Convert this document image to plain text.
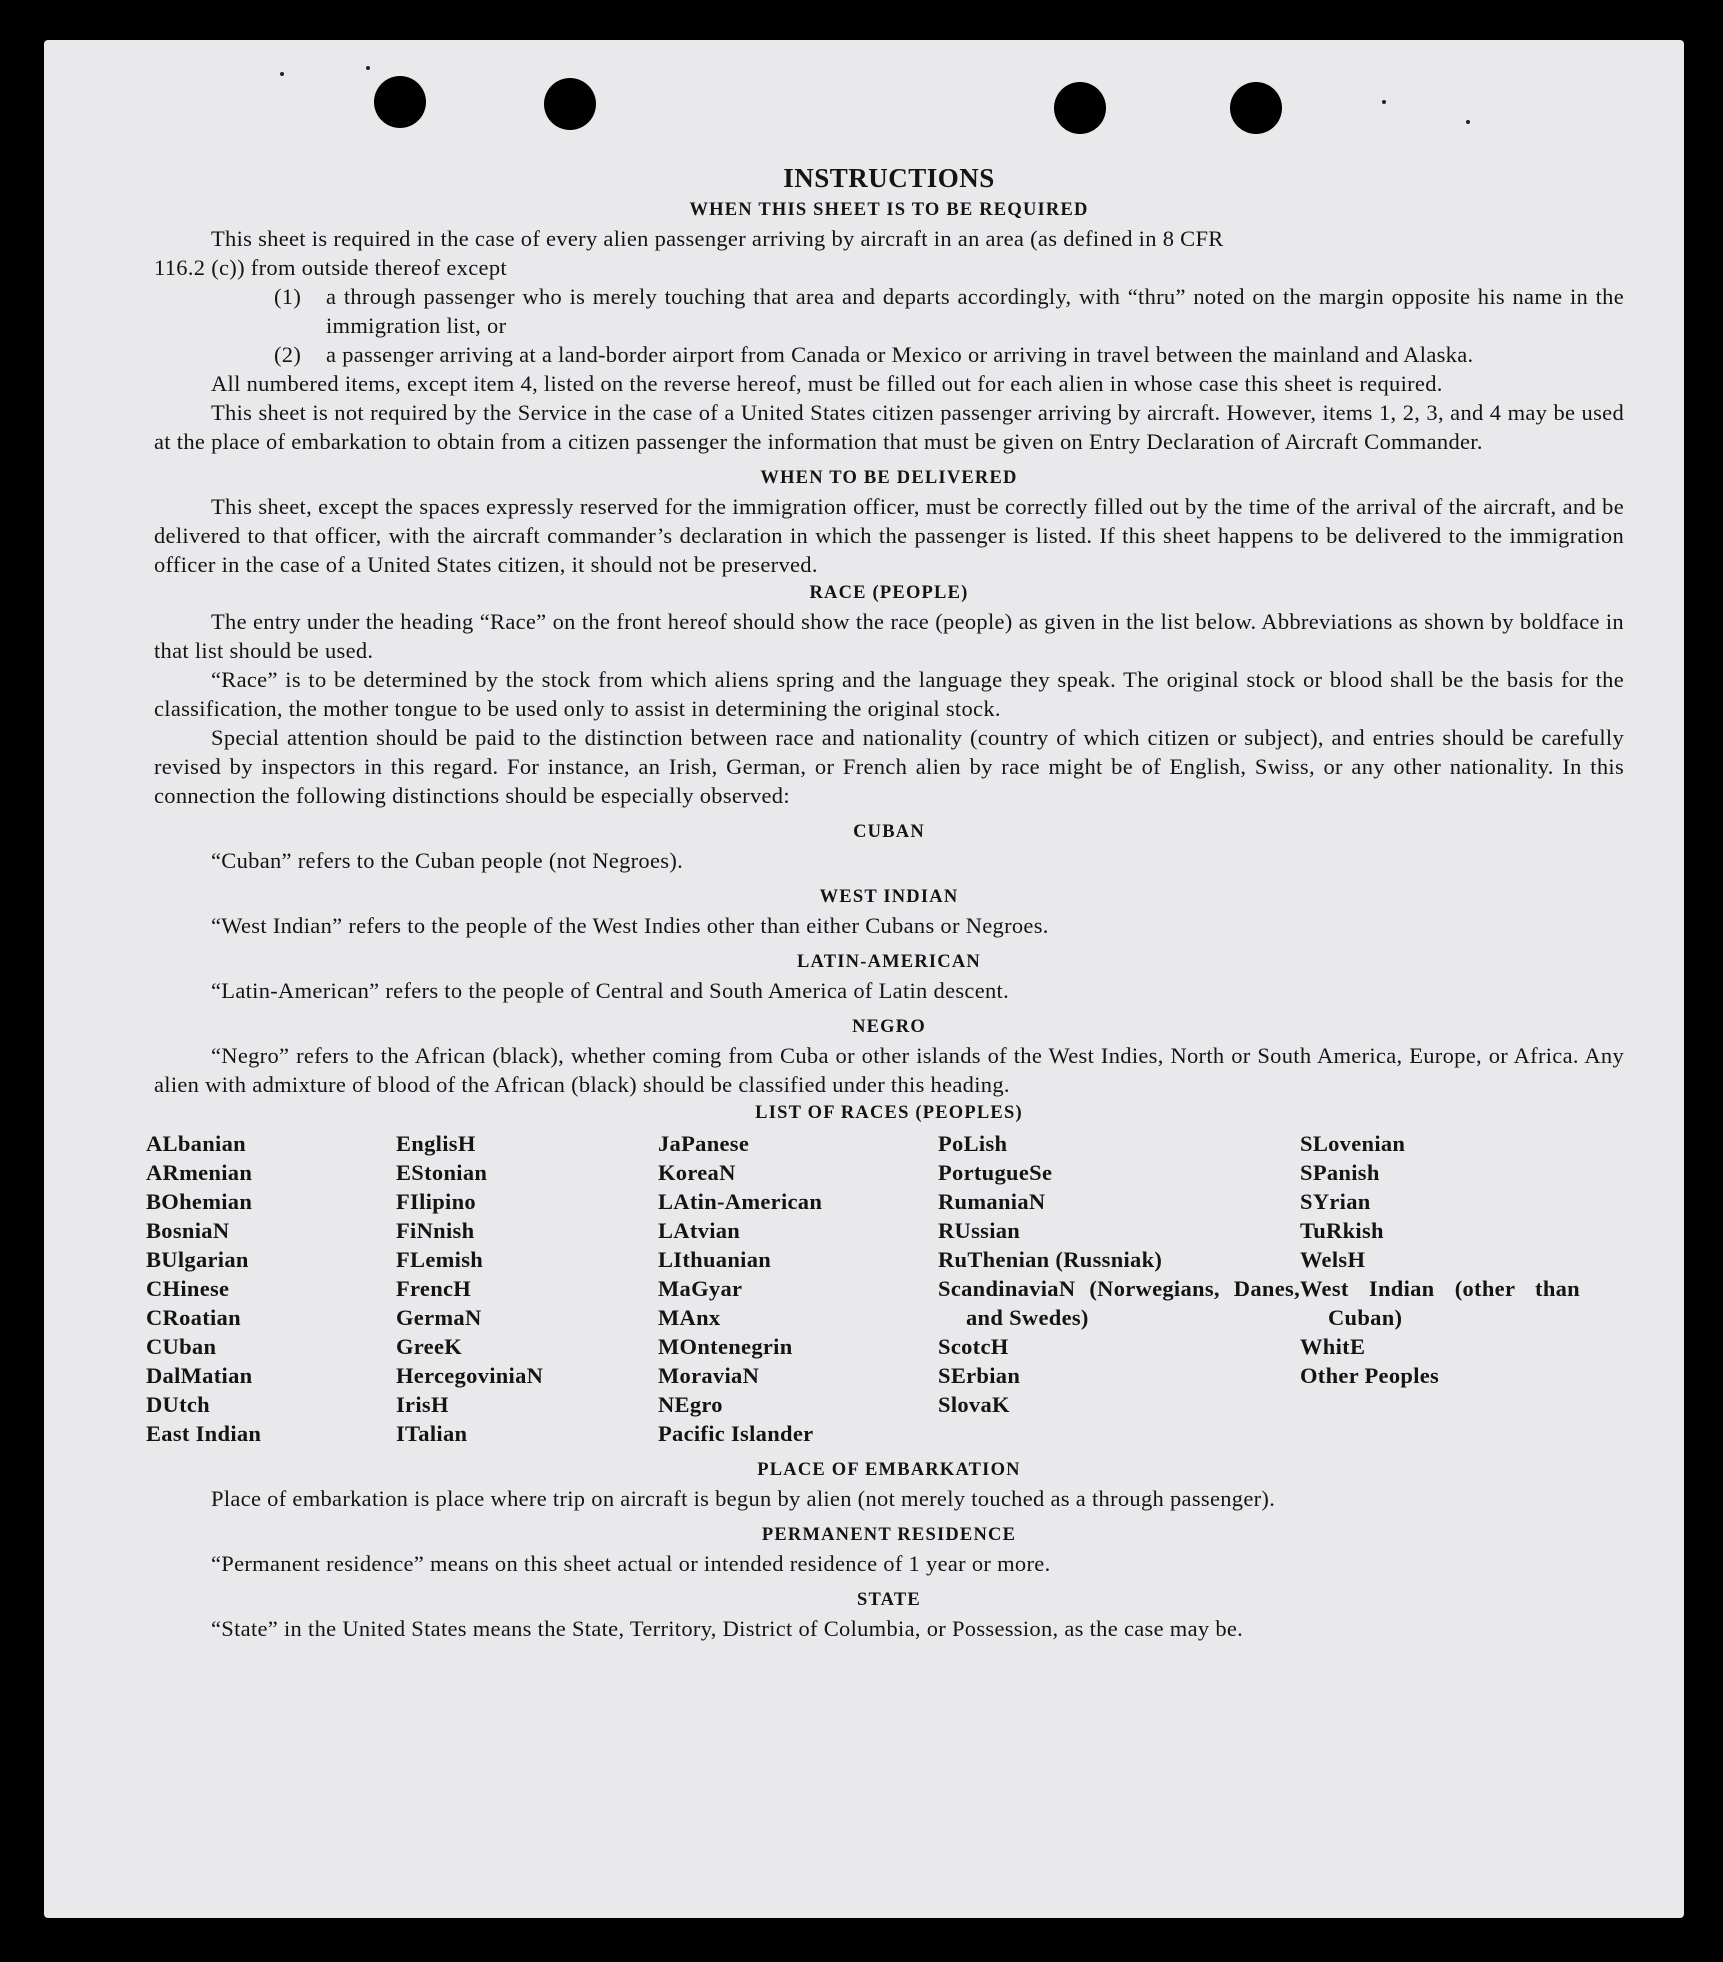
INSTRUCTIONS
WHEN THIS SHEET IS TO BE REQUIRED

This sheet is required in the case of every alien passenger arriving by aircraft in an area (as defined in 8 CFR

116.2 (c)) from outside thereof except

(1)	a through passenger who is merely touching that area and departs accordingly, with “thru” noted on the margin opposite his name in the immigration list, or
(2)	a passenger arriving at a land-border airport from Canada or Mexico or arriving in travel between the mainland and Alaska.

All numbered items, except item 4, listed on the reverse hereof, must be filled out for each alien in whose case this sheet is required.

This sheet is not required by the Service in the case of a United States citizen passenger arriving by aircraft. However, items 1, 2, 3, and 4 may be used at the place of embarkation to obtain from a citizen passenger the information that must be given on Entry Declaration of Aircraft Commander.

WHEN TO BE DELIVERED

This sheet, except the spaces expressly reserved for the immigration officer, must be correctly filled out by the time of the arrival of the aircraft, and be delivered to that officer, with the aircraft commander’s declaration in which the passenger is listed. If this sheet happens to be delivered to the immigration officer in the case of a United States citizen, it should not be preserved.

RACE (PEOPLE)

The entry under the heading “Race” on the front hereof should show the race (people) as given in the list below. Abbreviations as shown by boldface in that list should be used.

“Race” is to be determined by the stock from which aliens spring and the language they speak. The original stock or blood shall be the basis for the classification, the mother tongue to be used only to assist in determining the original stock.

Special attention should be paid to the distinction between race and nationality (country of which citizen or subject), and entries should be carefully revised by inspectors in this regard. For instance, an Irish, German, or French alien by race might be of English, Swiss, or any other nationality. In this connection the following distinctions should be especially observed:

CUBAN

“Cuban” refers to the Cuban people (not Negroes).

WEST INDIAN

“West Indian” refers to the people of the West Indies other than either Cubans or Negroes.

LATIN-AMERICAN

“Latin-American” refers to the people of Central and South America of Latin descent.

NEGRO

“Negro” refers to the African (black), whether coming from Cuba or other islands of the West Indies, North or South America, Europe, or Africa. Any alien with admixture of blood of the African (black) should be classified under this heading.

LIST OF RACES (PEOPLES)
ALbanian
ARmenian
BOhemian
BosniaN
BUlgarian
CHinese
CRoatian
CUban
DalMatian
DUtch
East Indian
EnglisH
EStonian
FIlipino
FiNnish
FLemish
FrencH
GermaN
GreeK
HercegoviniaN
IrisH
ITalian
JaPanese
KoreaN
LAtin-American
LAtvian
LIthuanian
MaGyar
MAnx
MOntenegrin
MoraviaN
NEgro
Pacific Islander
PoLish
PortugueSe
RumaniaN
RUssian
RuThenian (Russniak)
ScandinaviaN (Norwegians, Danes, and Swedes)
ScotcH
SErbian
SlovaK
SLovenian
SPanish
SYrian
TuRkish
WelsH
West Indian (other than Cuban)
WhitE
Other Peoples
PLACE OF EMBARKATION

Place of embarkation is place where trip on aircraft is begun by alien (not merely touched as a through passenger).

PERMANENT RESIDENCE

“Permanent residence” means on this sheet actual or intended residence of 1 year or more.

STATE

“State” in the United States means the State, Territory, District of Columbia, or Possession, as the case may be.
